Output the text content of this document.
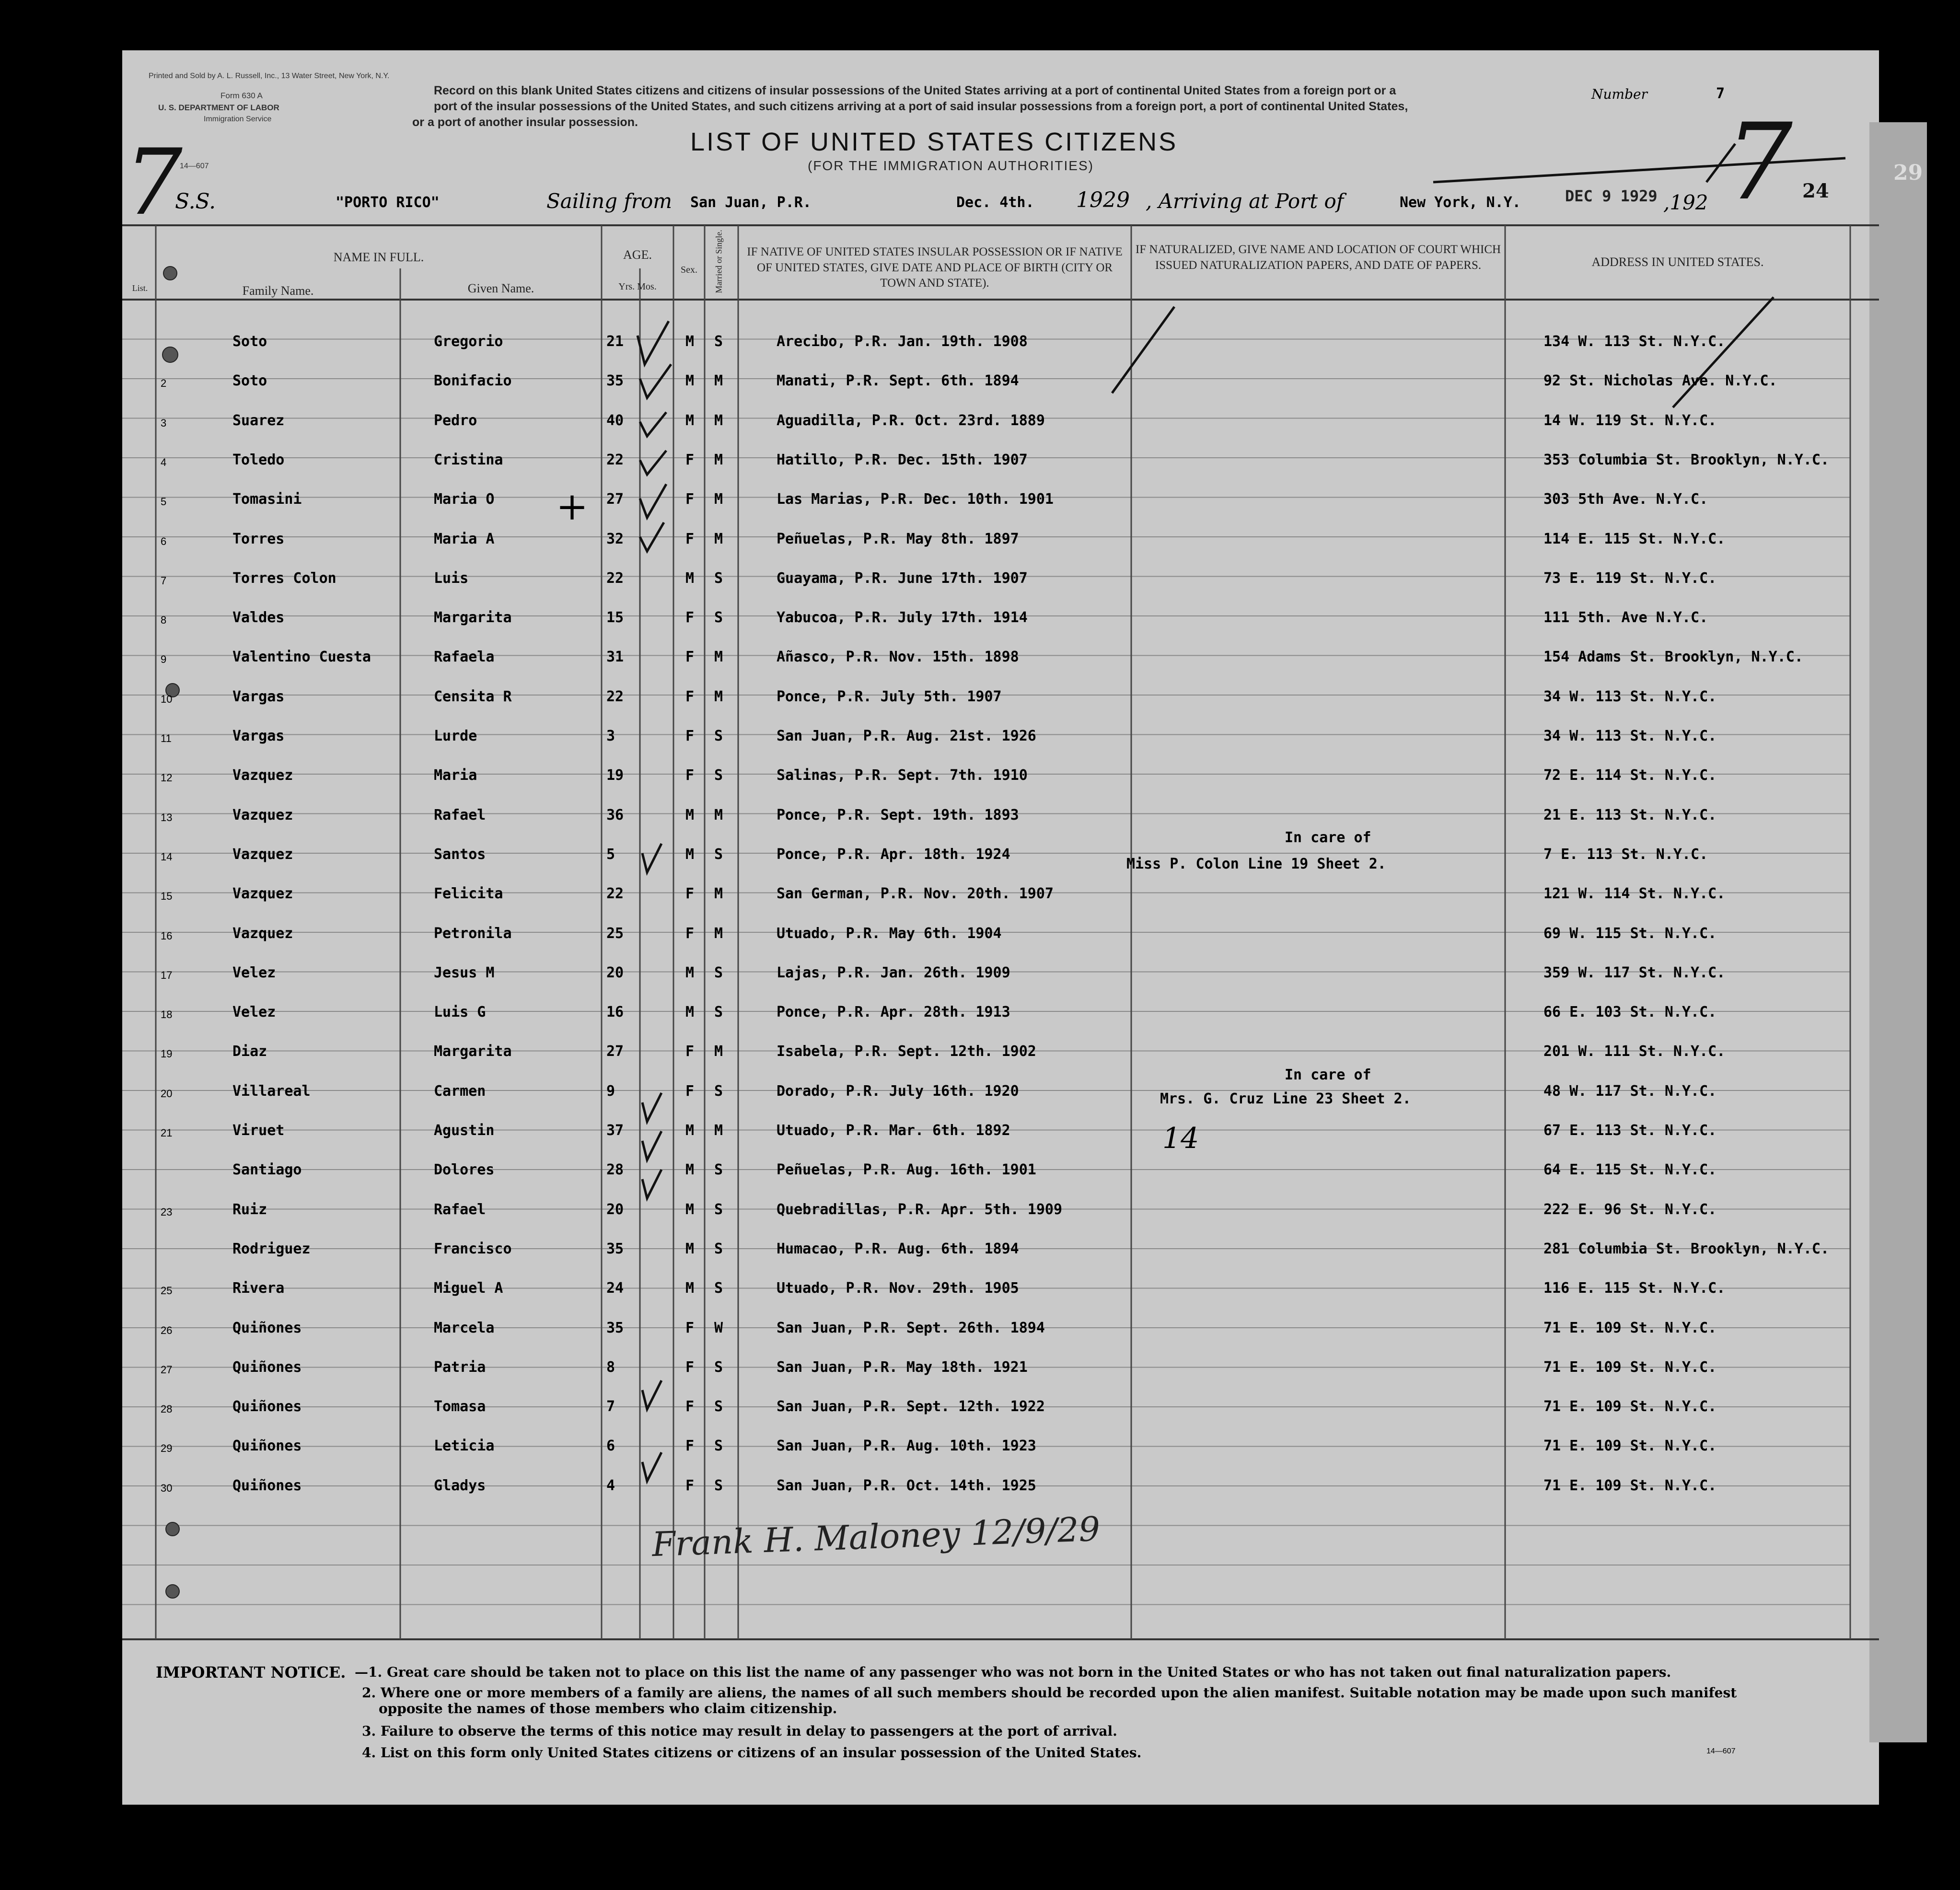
Printed and Sold by A. L. Russell, Inc., 13 Water Street, New York, N.Y.
Form 630 A
U. S. DEPARTMENT OF LABOR
Immigration Service
14—607
Record on this blank United States citizens and citizens of insular possessions of the United States arriving at a port of continental United States from a foreign port or a
port of the insular possessions of the United States, and such citizens arriving at a port of said insular possessions from a foreign port, a port of continental United States,
or a port of another insular possession.
Number	7
LIST OF UNITED STATES CITIZENS
(FOR THE IMMIGRATION AUTHORITIES)
7	7	29
24
S.S.	"PORTO RICO"	Sailing from San Juan, P.R.	Dec. 4th. 1929 , Arriving at Port of	New York, N.Y.	DEC 9 1929 ,192
List.
NAME IN FULL.
Family Name.	Given Name.
AGE.
Yrs. Mos.
Sex.	Married or Single.	IF NATIVE OF UNITED STATES INSULAR POSSESSION OR IF NATIVE OF UNITED STATES, GIVE DATE AND PLACE OF BIRTH (CITY OR TOWN AND STATE).
IF NATURALIZED, GIVE NAME AND LOCATION OF COURT WHICH ISSUED NATURALIZATION PAPERS, AND DATE OF PAPERS.	ADDRESS IN UNITED STATES.
Soto	Gregorio	21	M S	Arecibo, P.R. Jan. 19th. 1908	134 W. 113 St. N.Y.C.
2	Soto	Bonifacio	35	M M	Manati, P.R. Sept. 6th. 1894	92 St. Nicholas Ave. N.Y.C.
3	Suarez	Pedro	40	M M	Aguadilla, P.R. Oct. 23rd. 1889	14 W. 119 St. N.Y.C.
4	Toledo	Cristina	22	F M	Hatillo, P.R. Dec. 15th. 1907	353 Columbia St. Brooklyn, N.Y.C.
5	Tomasini	Maria O	27	F M	Las Marias, P.R. Dec. 10th. 1901	303 5th Ave. N.Y.C.
6	Torres	Maria A	32	F M	Peñuelas, P.R. May 8th. 1897	114 E. 115 St. N.Y.C.
7	Torres Colon	Luis	22	M S	Guayama, P.R. June 17th. 1907	73 E. 119 St. N.Y.C.
8	Valdes	Margarita	15	F S	Yabucoa, P.R. July 17th. 1914	111 5th. Ave N.Y.C.
9	Valentino Cuesta	Rafaela	31	F M	Añasco, P.R. Nov. 15th. 1898	154 Adams St. Brooklyn, N.Y.C.
10	Vargas	Censita R	22	F M	Ponce, P.R. July 5th. 1907	34 W. 113 St. N.Y.C.
11	Vargas	Lurde	3	F S	San Juan, P.R. Aug. 21st. 1926	34 W. 113 St. N.Y.C.
12	Vazquez	Maria	19	F S	Salinas, P.R. Sept. 7th. 1910	72 E. 114 St. N.Y.C.
13	Vazquez	Rafael	36	M M	Ponce, P.R. Sept. 19th. 1893	21 E. 113 St. N.Y.C.
14	Vazquez	Santos	5	M S	Ponce, P.R. Apr. 18th. 1924	7 E. 113 St. N.Y.C.
15	Vazquez	Felicita	22	F M	San German, P.R. Nov. 20th. 1907	121 W. 114 St. N.Y.C.
16	Vazquez	Petronila	25	F M	Utuado, P.R. May 6th. 1904	69 W. 115 St. N.Y.C.
17	Velez	Jesus M	20	M S	Lajas, P.R. Jan. 26th. 1909	359 W. 117 St. N.Y.C.
18	Velez	Luis G	16	M S	Ponce, P.R. Apr. 28th. 1913	66 E. 103 St. N.Y.C.
19	Diaz	Margarita	27	F M	Isabela, P.R. Sept. 12th. 1902	201 W. 111 St. N.Y.C.
20	Villareal	Carmen	9	F S	Dorado, P.R. July 16th. 1920	48 W. 117 St. N.Y.C.
21	Viruet	Agustin	37	M M	Utuado, P.R. Mar. 6th. 1892	67 E. 113 St. N.Y.C.
Santiago	Dolores	28	M S	Peñuelas, P.R. Aug. 16th. 1901	64 E. 115 St. N.Y.C.
23	Ruiz	Rafael	20	M S	Quebradillas, P.R. Apr. 5th. 1909	222 E. 96 St. N.Y.C.
Rodriguez	Francisco	35	M S	Humacao, P.R. Aug. 6th. 1894	281 Columbia St. Brooklyn, N.Y.C.
25	Rivera	Miguel A	24	M S	Utuado, P.R. Nov. 29th. 1905	116 E. 115 St. N.Y.C.
26	Quiñones	Marcela	35	F W	San Juan, P.R. Sept. 26th. 1894	71 E. 109 St. N.Y.C.
27	Quiñones	Patria	8	F S	San Juan, P.R. May 18th. 1921	71 E. 109 St. N.Y.C.
28	Quiñones	Tomasa	7	F S	San Juan, P.R. Sept. 12th. 1922	71 E. 109 St. N.Y.C.
29	Quiñones	Leticia	6	F S	San Juan, P.R. Aug. 10th. 1923	71 E. 109 St. N.Y.C.
30	Quiñones	Gladys	4	F S	San Juan, P.R. Oct. 14th. 1925	71 E. 109 St. N.Y.C.
In care of
Miss P. Colon Line 19 Sheet 2.
In care of
Mrs. G. Cruz Line 23 Sheet 2.
+
14
Frank H. Maloney 12/9/29
IMPORTANT NOTICE. —1. Great care should be taken not to place on this list the name of any passenger who was not born in the United States or who has not taken out final naturalization papers.
2. Where one or more members of a family are aliens, the names of all such members should be recorded upon the alien manifest. Suitable notation may be made upon such manifest
opposite the names of those members who claim citizenship.
3. Failure to observe the terms of this notice may result in delay to passengers at the port of arrival.
4. List on this form only United States citizens or citizens of an insular possession of the United States.	14—607
